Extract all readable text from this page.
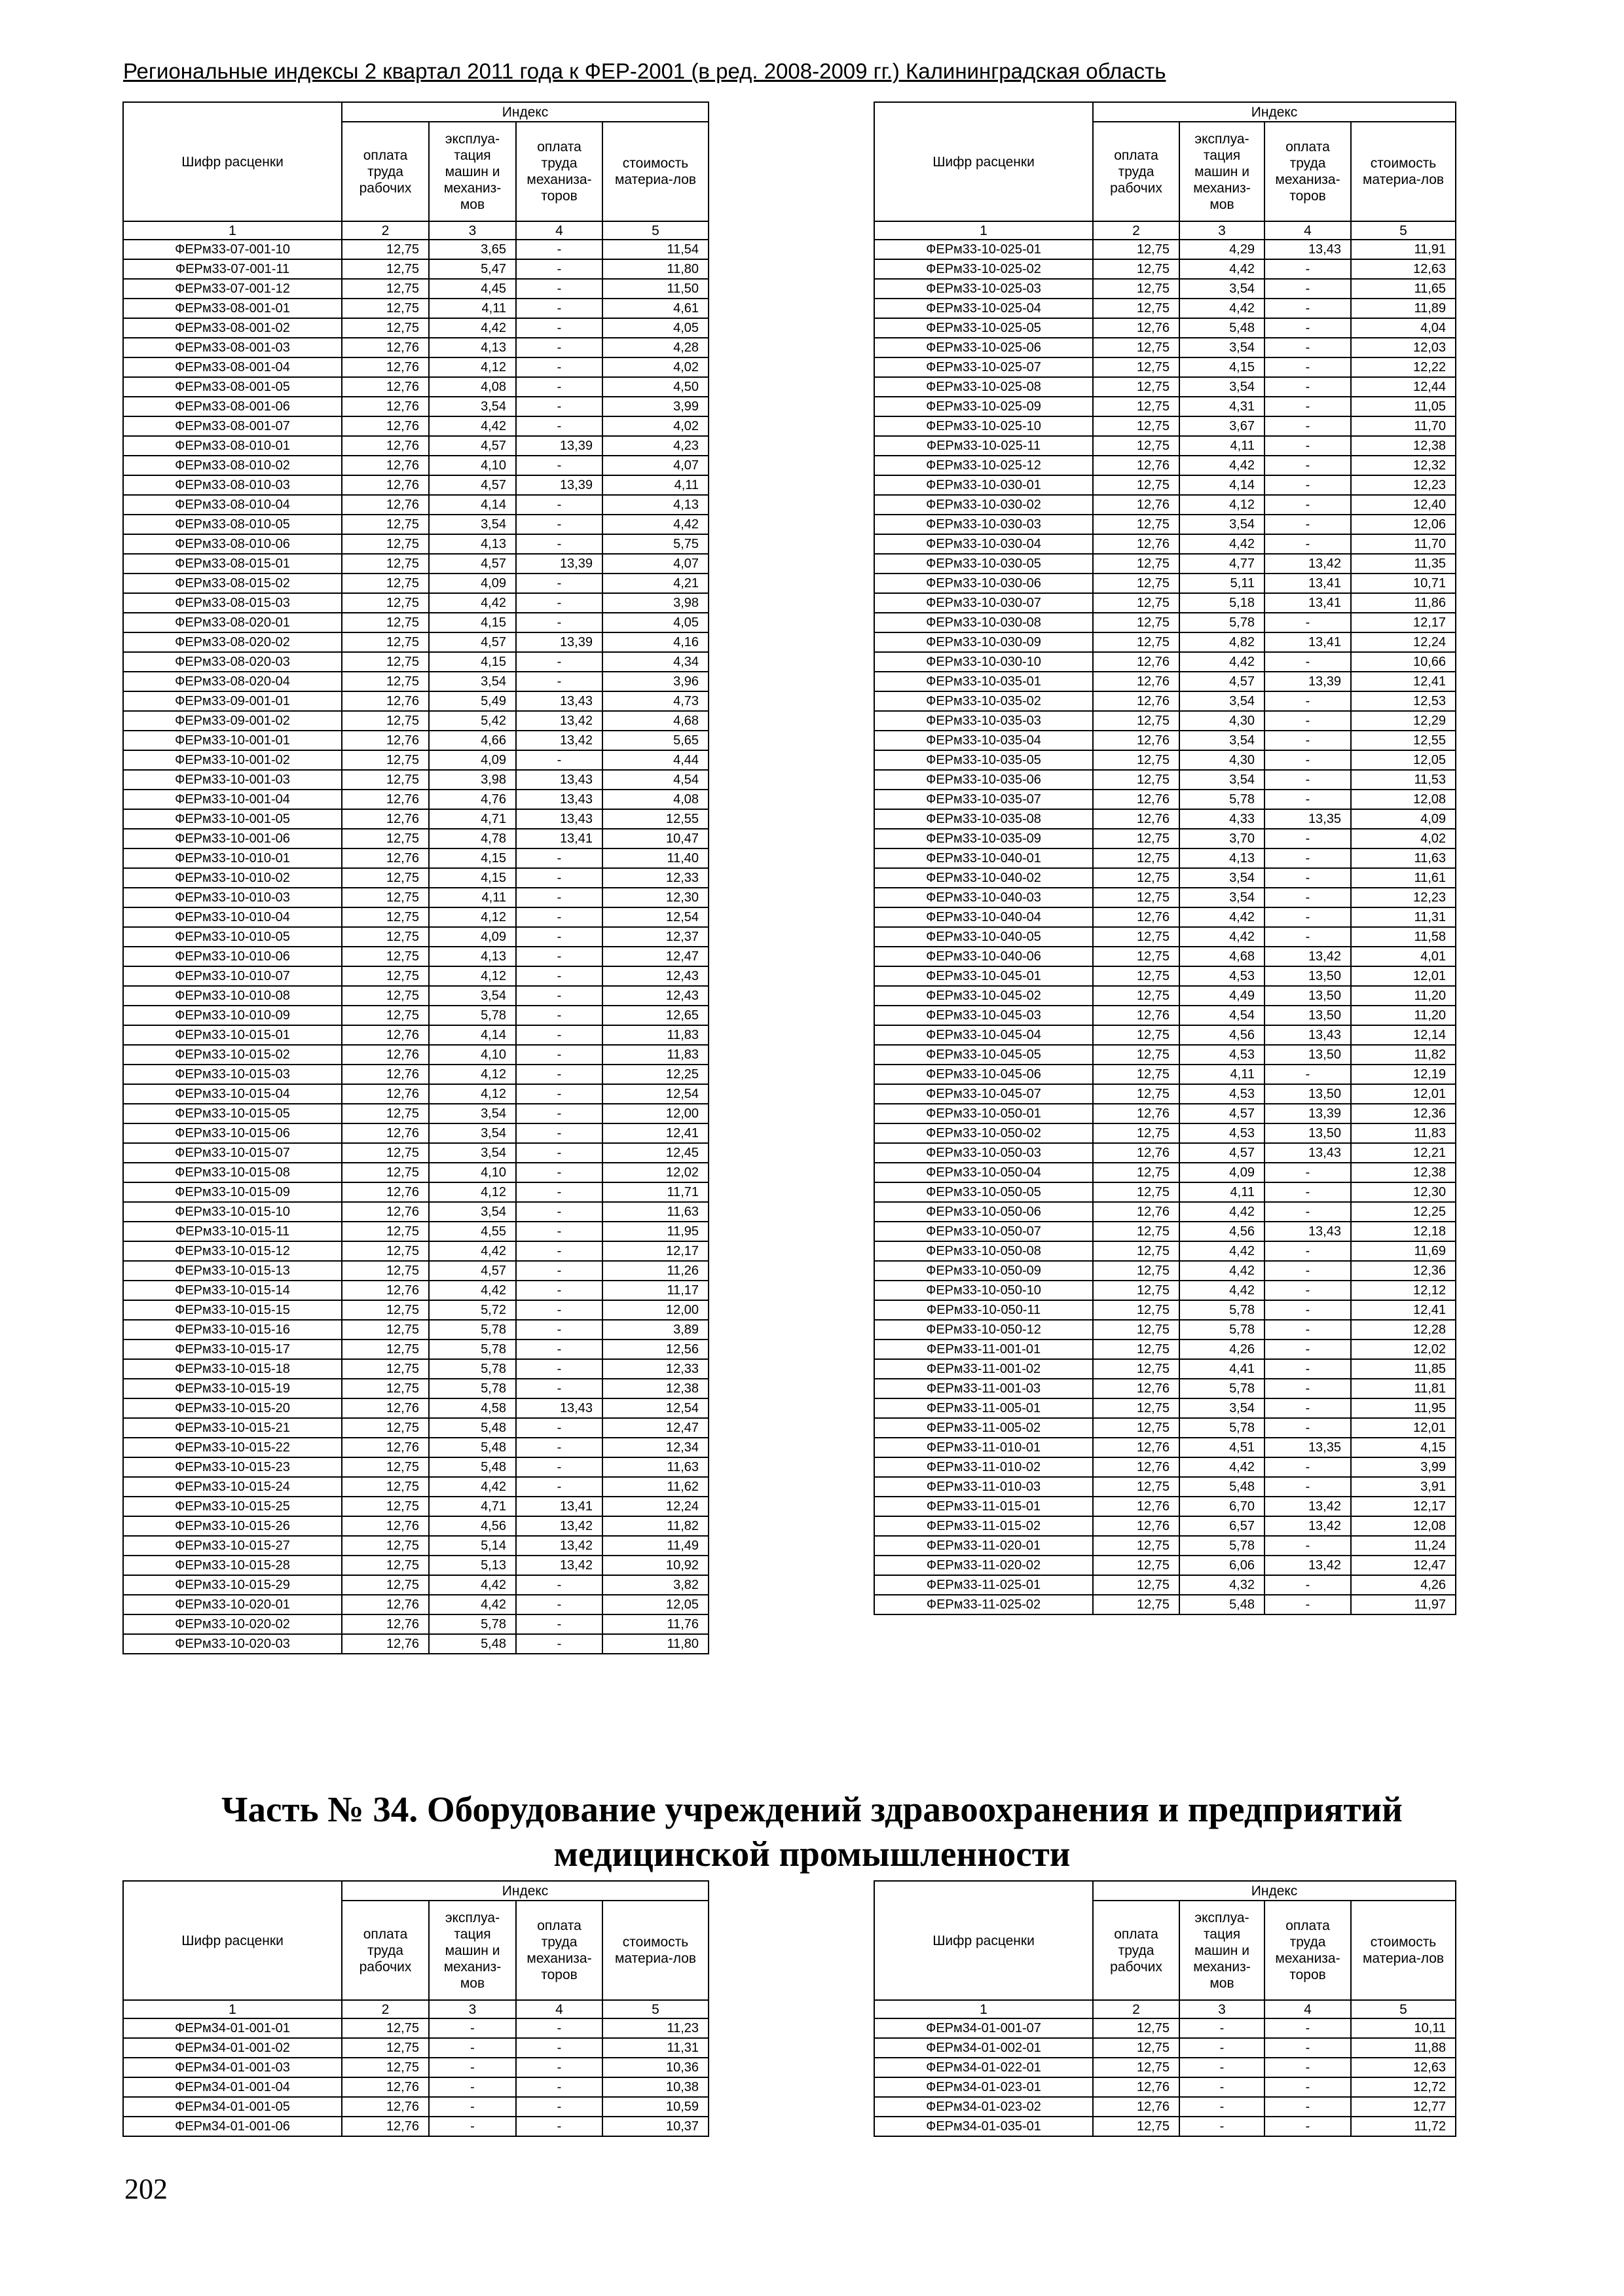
Региональные индексы 2 квартал 2011 года к ФЕР-2001 (в ред. 2008-2009 гг.) Калининградская область
Шифр расценки	Индекс			
	оплата труда рабочих	эксплуа-тация машин и механиз-мов	оплата труда механиза-торов	стоимость материа-лов
1	2	3	4	5
ФЕРм33-07-001-10	12,75	3,65	-	11,54
ФЕРм33-07-001-11	12,75	5,47	-	11,80
ФЕРм33-07-001-12	12,75	4,45	-	11,50
ФЕРм33-08-001-01	12,75	4,11	-	4,61
ФЕРм33-08-001-02	12,75	4,42	-	4,05
ФЕРм33-08-001-03	12,76	4,13	-	4,28
ФЕРм33-08-001-04	12,76	4,12	-	4,02
ФЕРм33-08-001-05	12,76	4,08	-	4,50
ФЕРм33-08-001-06	12,76	3,54	-	3,99
ФЕРм33-08-001-07	12,76	4,42	-	4,02
ФЕРм33-08-010-01	12,76	4,57	13,39	4,23
ФЕРм33-08-010-02	12,76	4,10	-	4,07
ФЕРм33-08-010-03	12,76	4,57	13,39	4,11
ФЕРм33-08-010-04	12,76	4,14	-	4,13
ФЕРм33-08-010-05	12,75	3,54	-	4,42
ФЕРм33-08-010-06	12,75	4,13	-	5,75
ФЕРм33-08-015-01	12,75	4,57	13,39	4,07
ФЕРм33-08-015-02	12,75	4,09	-	4,21
ФЕРм33-08-015-03	12,75	4,42	-	3,98
ФЕРм33-08-020-01	12,75	4,15	-	4,05
ФЕРм33-08-020-02	12,75	4,57	13,39	4,16
ФЕРм33-08-020-03	12,75	4,15	-	4,34
ФЕРм33-08-020-04	12,75	3,54	-	3,96
ФЕРм33-09-001-01	12,76	5,49	13,43	4,73
ФЕРм33-09-001-02	12,75	5,42	13,42	4,68
ФЕРм33-10-001-01	12,76	4,66	13,42	5,65
ФЕРм33-10-001-02	12,75	4,09	-	4,44
ФЕРм33-10-001-03	12,75	3,98	13,43	4,54
ФЕРм33-10-001-04	12,76	4,76	13,43	4,08
ФЕРм33-10-001-05	12,76	4,71	13,43	12,55
ФЕРм33-10-001-06	12,75	4,78	13,41	10,47
ФЕРм33-10-010-01	12,76	4,15	-	11,40
ФЕРм33-10-010-02	12,75	4,15	-	12,33
ФЕРм33-10-010-03	12,75	4,11	-	12,30
ФЕРм33-10-010-04	12,75	4,12	-	12,54
ФЕРм33-10-010-05	12,75	4,09	-	12,37
ФЕРм33-10-010-06	12,75	4,13	-	12,47
ФЕРм33-10-010-07	12,75	4,12	-	12,43
ФЕРм33-10-010-08	12,75	3,54	-	12,43
ФЕРм33-10-010-09	12,75	5,78	-	12,65
ФЕРм33-10-015-01	12,76	4,14	-	11,83
ФЕРм33-10-015-02	12,76	4,10	-	11,83
ФЕРм33-10-015-03	12,76	4,12	-	12,25
ФЕРм33-10-015-04	12,76	4,12	-	12,54
ФЕРм33-10-015-05	12,75	3,54	-	12,00
ФЕРм33-10-015-06	12,76	3,54	-	12,41
ФЕРм33-10-015-07	12,75	3,54	-	12,45
ФЕРм33-10-015-08	12,75	4,10	-	12,02
ФЕРм33-10-015-09	12,76	4,12	-	11,71
ФЕРм33-10-015-10	12,76	3,54	-	11,63
ФЕРм33-10-015-11	12,75	4,55	-	11,95
ФЕРм33-10-015-12	12,75	4,42	-	12,17
ФЕРм33-10-015-13	12,75	4,57	-	11,26
ФЕРм33-10-015-14	12,76	4,42	-	11,17
ФЕРм33-10-015-15	12,75	5,72	-	12,00
ФЕРм33-10-015-16	12,75	5,78	-	3,89
ФЕРм33-10-015-17	12,75	5,78	-	12,56
ФЕРм33-10-015-18	12,75	5,78	-	12,33
ФЕРм33-10-015-19	12,75	5,78	-	12,38
ФЕРм33-10-015-20	12,76	4,58	13,43	12,54
ФЕРм33-10-015-21	12,75	5,48	-	12,47
ФЕРм33-10-015-22	12,76	5,48	-	12,34
ФЕРм33-10-015-23	12,75	5,48	-	11,63
ФЕРм33-10-015-24	12,75	4,42	-	11,62
ФЕРм33-10-015-25	12,75	4,71	13,41	12,24
ФЕРм33-10-015-26	12,76	4,56	13,42	11,82
ФЕРм33-10-015-27	12,75	5,14	13,42	11,49
ФЕРм33-10-015-28	12,75	5,13	13,42	10,92
ФЕРм33-10-015-29	12,75	4,42	-	3,82
ФЕРм33-10-020-01	12,76	4,42	-	12,05
ФЕРм33-10-020-02	12,76	5,78	-	11,76
ФЕРм33-10-020-03	12,76	5,48	-	11,80
Шифр расценки	Индекс			
	оплата труда рабочих	эксплуа-тация машин и механиз-мов	оплата труда механиза-торов	стоимость материа-лов
1	2	3	4	5
ФЕРм33-10-025-01	12,75	4,29	13,43	11,91
ФЕРм33-10-025-02	12,75	4,42	-	12,63
ФЕРм33-10-025-03	12,75	3,54	-	11,65
ФЕРм33-10-025-04	12,75	4,42	-	11,89
ФЕРм33-10-025-05	12,76	5,48	-	4,04
ФЕРм33-10-025-06	12,75	3,54	-	12,03
ФЕРм33-10-025-07	12,75	4,15	-	12,22
ФЕРм33-10-025-08	12,75	3,54	-	12,44
ФЕРм33-10-025-09	12,75	4,31	-	11,05
ФЕРм33-10-025-10	12,75	3,67	-	11,70
ФЕРм33-10-025-11	12,75	4,11	-	12,38
ФЕРм33-10-025-12	12,76	4,42	-	12,32
ФЕРм33-10-030-01	12,75	4,14	-	12,23
ФЕРм33-10-030-02	12,76	4,12	-	12,40
ФЕРм33-10-030-03	12,75	3,54	-	12,06
ФЕРм33-10-030-04	12,76	4,42	-	11,70
ФЕРм33-10-030-05	12,75	4,77	13,42	11,35
ФЕРм33-10-030-06	12,75	5,11	13,41	10,71
ФЕРм33-10-030-07	12,75	5,18	13,41	11,86
ФЕРм33-10-030-08	12,75	5,78	-	12,17
ФЕРм33-10-030-09	12,75	4,82	13,41	12,24
ФЕРм33-10-030-10	12,76	4,42	-	10,66
ФЕРм33-10-035-01	12,76	4,57	13,39	12,41
ФЕРм33-10-035-02	12,76	3,54	-	12,53
ФЕРм33-10-035-03	12,75	4,30	-	12,29
ФЕРм33-10-035-04	12,76	3,54	-	12,55
ФЕРм33-10-035-05	12,75	4,30	-	12,05
ФЕРм33-10-035-06	12,75	3,54	-	11,53
ФЕРм33-10-035-07	12,76	5,78	-	12,08
ФЕРм33-10-035-08	12,76	4,33	13,35	4,09
ФЕРм33-10-035-09	12,75	3,70	-	4,02
ФЕРм33-10-040-01	12,75	4,13	-	11,63
ФЕРм33-10-040-02	12,75	3,54	-	11,61
ФЕРм33-10-040-03	12,75	3,54	-	12,23
ФЕРм33-10-040-04	12,76	4,42	-	11,31
ФЕРм33-10-040-05	12,75	4,42	-	11,58
ФЕРм33-10-040-06	12,75	4,68	13,42	4,01
ФЕРм33-10-045-01	12,75	4,53	13,50	12,01
ФЕРм33-10-045-02	12,75	4,49	13,50	11,20
ФЕРм33-10-045-03	12,76	4,54	13,50	11,20
ФЕРм33-10-045-04	12,75	4,56	13,43	12,14
ФЕРм33-10-045-05	12,75	4,53	13,50	11,82
ФЕРм33-10-045-06	12,75	4,11	-	12,19
ФЕРм33-10-045-07	12,75	4,53	13,50	12,01
ФЕРм33-10-050-01	12,76	4,57	13,39	12,36
ФЕРм33-10-050-02	12,75	4,53	13,50	11,83
ФЕРм33-10-050-03	12,76	4,57	13,43	12,21
ФЕРм33-10-050-04	12,75	4,09	-	12,38
ФЕРм33-10-050-05	12,75	4,11	-	12,30
ФЕРм33-10-050-06	12,76	4,42	-	12,25
ФЕРм33-10-050-07	12,75	4,56	13,43	12,18
ФЕРм33-10-050-08	12,75	4,42	-	11,69
ФЕРм33-10-050-09	12,75	4,42	-	12,36
ФЕРм33-10-050-10	12,75	4,42	-	12,12
ФЕРм33-10-050-11	12,75	5,78	-	12,41
ФЕРм33-10-050-12	12,75	5,78	-	12,28
ФЕРм33-11-001-01	12,75	4,26	-	12,02
ФЕРм33-11-001-02	12,75	4,41	-	11,85
ФЕРм33-11-001-03	12,76	5,78	-	11,81
ФЕРм33-11-005-01	12,75	3,54	-	11,95
ФЕРм33-11-005-02	12,75	5,78	-	12,01
ФЕРм33-11-010-01	12,76	4,51	13,35	4,15
ФЕРм33-11-010-02	12,76	4,42	-	3,99
ФЕРм33-11-010-03	12,75	5,48	-	3,91
ФЕРм33-11-015-01	12,76	6,70	13,42	12,17
ФЕРм33-11-015-02	12,76	6,57	13,42	12,08
ФЕРм33-11-020-01	12,75	5,78	-	11,24
ФЕРм33-11-020-02	12,75	6,06	13,42	12,47
ФЕРм33-11-025-01	12,75	4,32	-	4,26
ФЕРм33-11-025-02	12,75	5,48	-	11,97
Часть № 34. Оборудование учреждений здравоохранения и предприятий медицинской промышленности
Шифр расценки	Индекс			
	оплата труда рабочих	эксплуа-тация машин и механиз-мов	оплата труда механиза-торов	стоимость материа-лов
1	2	3	4	5
ФЕРм34-01-001-01	12,75	-	-	11,23
ФЕРм34-01-001-02	12,75	-	-	11,31
ФЕРм34-01-001-03	12,75	-	-	10,36
ФЕРм34-01-001-04	12,76	-	-	10,38
ФЕРм34-01-001-05	12,76	-	-	10,59
ФЕРм34-01-001-06	12,76	-	-	10,37
Шифр расценки	Индекс			
	оплата труда рабочих	эксплуа-тация машин и механиз-мов	оплата труда механиза-торов	стоимость материа-лов
1	2	3	4	5
ФЕРм34-01-001-07	12,75	-	-	10,11
ФЕРм34-01-002-01	12,75	-	-	11,88
ФЕРм34-01-022-01	12,75	-	-	12,63
ФЕРм34-01-023-01	12,76	-	-	12,72
ФЕРм34-01-023-02	12,76	-	-	12,77
ФЕРм34-01-035-01	12,75	-	-	11,72
202
